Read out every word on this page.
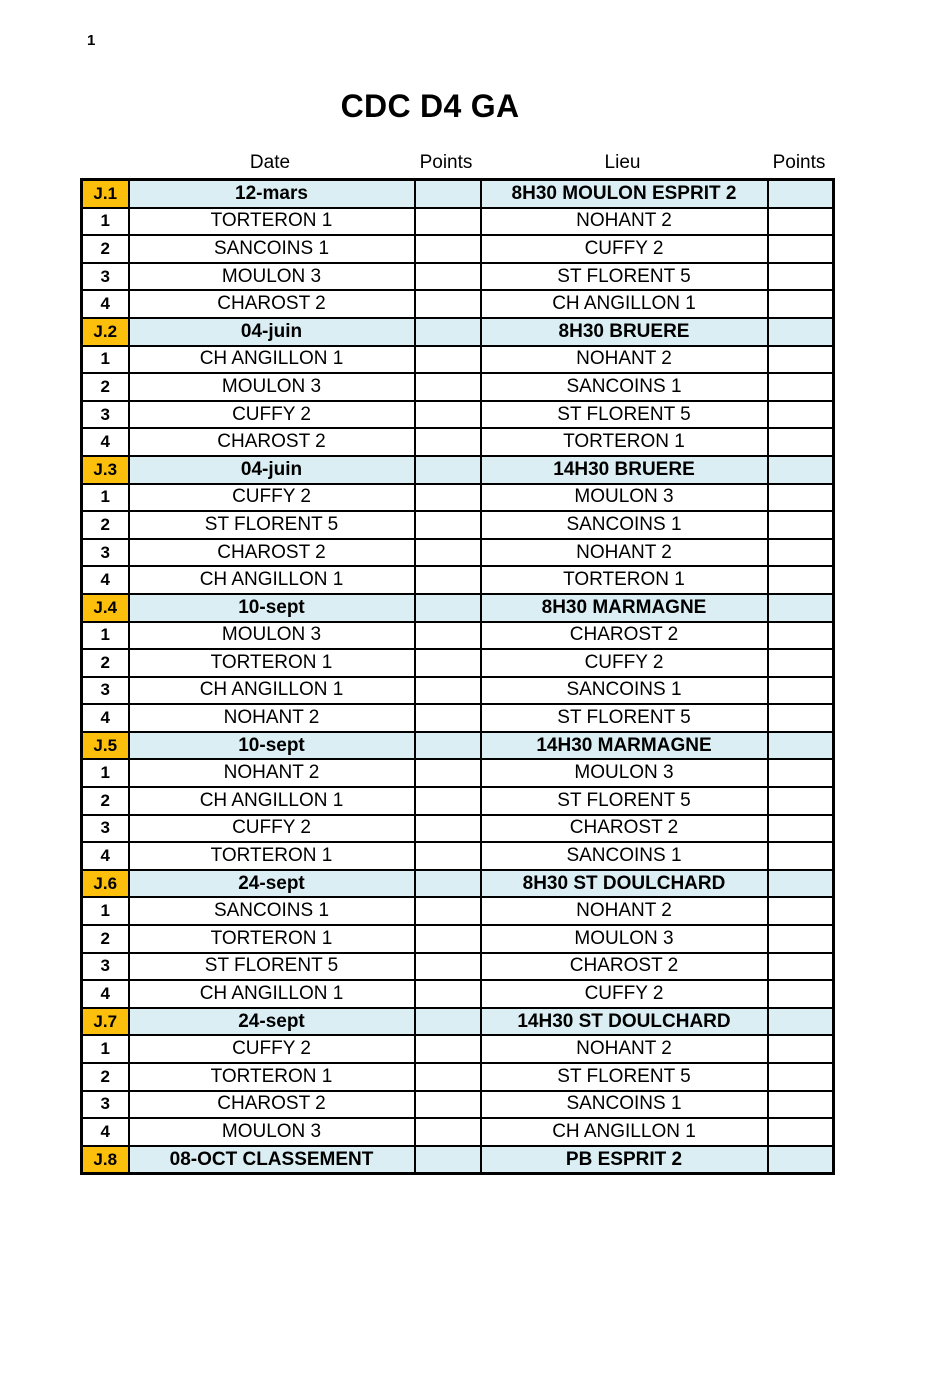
1
CDC D4 GA
Date	Points	Lieu	Points
J.1	12-mars		8H30 MOULON ESPRIT 2	
1	TORTERON 1		NOHANT 2	
2	SANCOINS 1		CUFFY 2	
3	MOULON 3		ST FLORENT 5	
4	CHAROST 2		CH ANGILLON 1	
J.2	04-juin		8H30 BRUERE	
1	CH ANGILLON 1		NOHANT 2	
2	MOULON 3		SANCOINS 1	
3	CUFFY 2		ST FLORENT 5	
4	CHAROST 2		TORTERON 1	
J.3	04-juin		14H30 BRUERE	
1	CUFFY 2		MOULON 3	
2	ST FLORENT 5		SANCOINS 1	
3	CHAROST 2		NOHANT 2	
4	CH ANGILLON 1		TORTERON 1	
J.4	10-sept		8H30 MARMAGNE	
1	MOULON 3		CHAROST 2	
2	TORTERON 1		CUFFY 2	
3	CH ANGILLON 1		SANCOINS 1	
4	NOHANT 2		ST FLORENT 5	
J.5	10-sept		14H30 MARMAGNE	
1	NOHANT 2		MOULON 3	
2	CH ANGILLON 1		ST FLORENT 5	
3	CUFFY 2		CHAROST 2	
4	TORTERON 1		SANCOINS 1	
J.6	24-sept		8H30 ST DOULCHARD	
1	SANCOINS 1		NOHANT 2	
2	TORTERON 1		MOULON 3	
3	ST FLORENT 5		CHAROST 2	
4	CH ANGILLON 1		CUFFY 2	
J.7	24-sept		14H30 ST DOULCHARD	
1	CUFFY 2		NOHANT 2	
2	TORTERON 1		ST FLORENT 5	
3	CHAROST 2		SANCOINS 1	
4	MOULON 3		CH ANGILLON 1	
J.8	08-OCT CLASSEMENT		PB ESPRIT 2	
